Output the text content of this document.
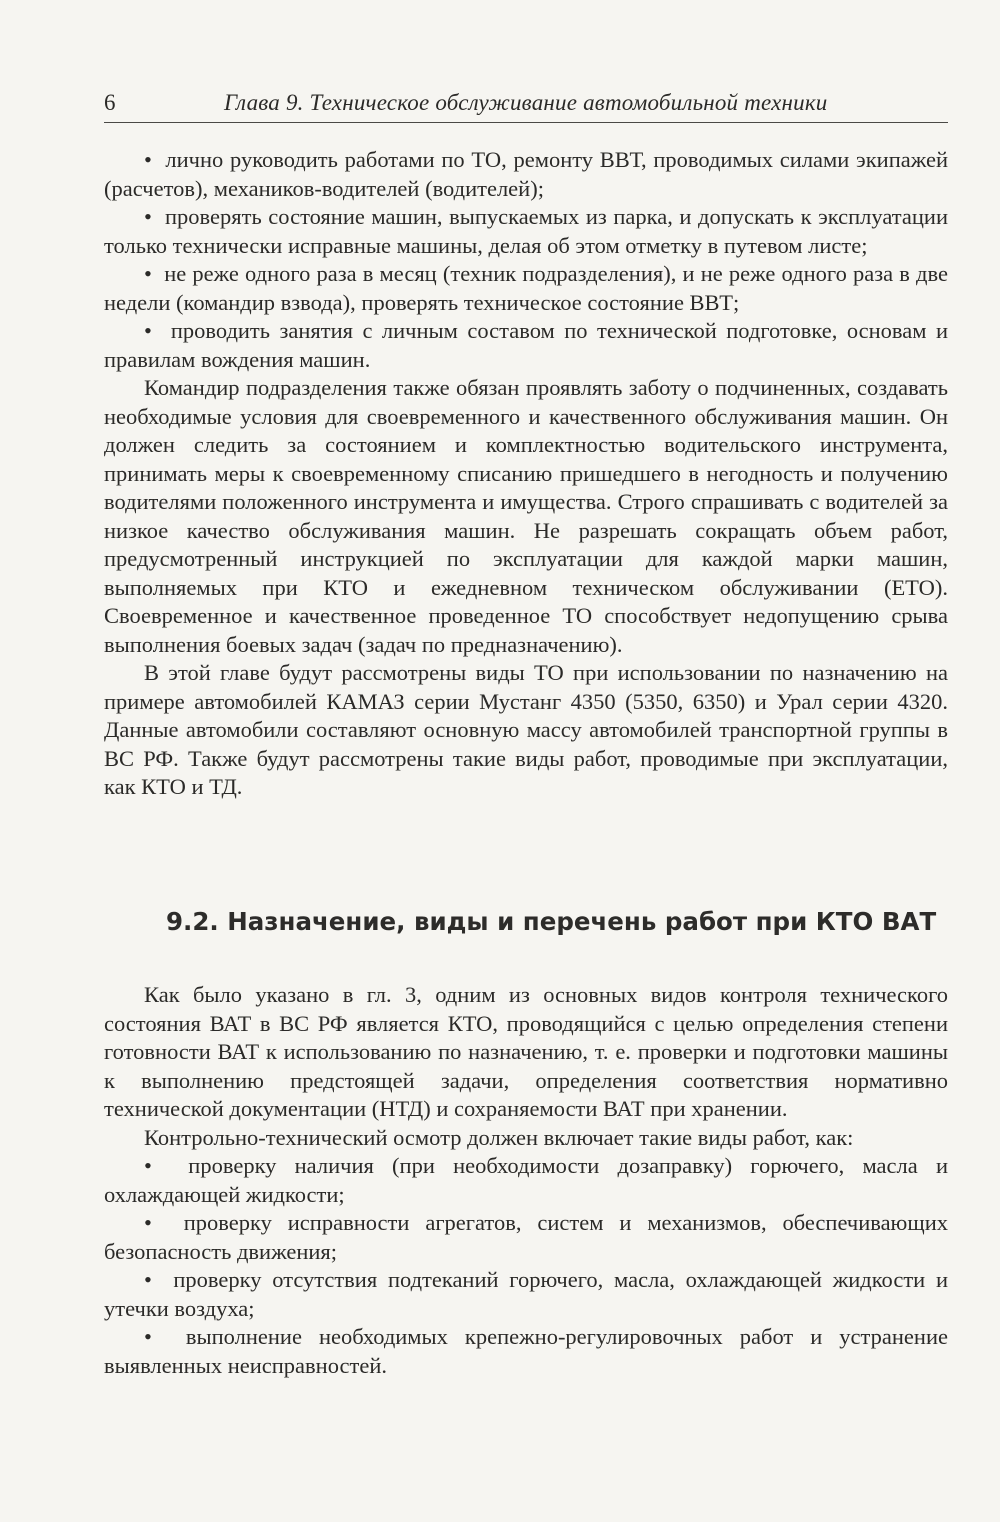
6	Глава 9. Техническое обслуживание автомобильной техники

•  лично руководить работами по ТО, ремонту ВВТ, проводимых силами экипажей (расчетов), механиков-водителей (водителей);

•  проверять состояние машин, выпускаемых из парка, и допускать к эксплуатации только технически исправные машины, делая об этом отметку в путевом листе;

•  не реже одного раза в месяц (техник подразделения), и не реже одного раза в две недели (командир взвода), проверять техническое состояние ВВТ;

•  проводить занятия с личным составом по технической подготовке, основам и правилам вождения машин.

Командир подразделения также обязан проявлять заботу о подчиненных, создавать необходимые условия для своевременного и качественного обслуживания машин. Он должен следить за состоянием и комплектностью водительского инструмента, принимать меры к своевременному списанию пришедшего в негодность и получению водителями положенного инструмента и имущества. Строго спрашивать с водителей за низкое качество обслуживания машин. Не разрешать сокращать объем работ, предусмотренный инструкцией по эксплуатации для каждой марки машин, выполняемых при КТО и ежедневном техническом обслуживании (ЕТО). Своевременное и качественное проведенное ТО способствует недопущению срыва выполнения боевых задач (задач по предназначению).

В этой главе будут рассмотрены виды ТО при использовании по назначению на примере автомобилей КАМАЗ серии Мустанг 4350 (5350, 6350) и Урал серии 4320. Данные автомобили составляют основную массу автомобилей транспортной группы в ВС РФ. Также будут рассмотрены такие виды работ, проводимые при эксплуатации, как КТО и ТД.

9.2. Назначение, виды и перечень работ при КТО ВАТ

Как было указано в гл. 3, одним из основных видов контроля технического состояния ВАТ в ВС РФ является КТО, проводящийся с целью определения степени готовности ВАТ к использованию по назначению, т. е. проверки и подготовки машины к выполнению предстоящей задачи, определения соответствия нормативно технической документации (НТД) и сохраняемости ВАТ при хранении.

Контрольно-технический осмотр должен включает такие виды работ, как:

•  проверку наличия (при необходимости дозаправку) горючего, масла и охлаждающей жидкости;

•  проверку исправности агрегатов, систем и механизмов, обеспечивающих безопасность движения;

•  проверку отсутствия подтеканий горючего, масла, охлаждающей жидкости и утечки воздуха;

•  выполнение необходимых крепежно-регулировочных работ и устранение выявленных неисправностей.
